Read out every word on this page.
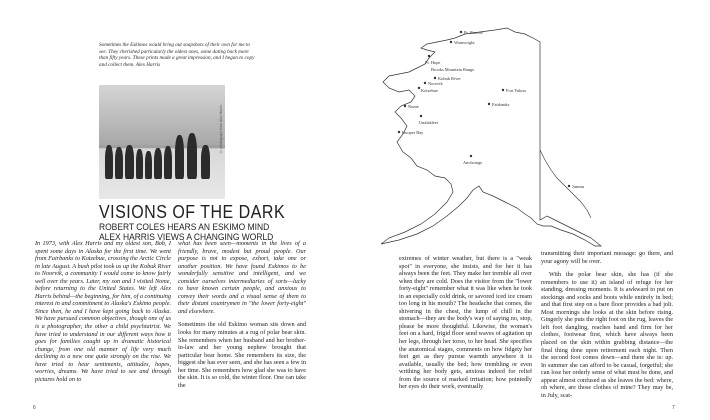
Sometimes the Eskimos would bring out snapshots of their own for me to see. They cherished particularly the oldest ones, some dating back more than fifty years. These prints made a great impression, and I began to copy and collect them. Alex Harris
© photograph from Alex Harris
VISIONS OF THE DARK
ROBERT COLES HEARS AN ESKIMO MIND
ALEX HARRIS VIEWS A CHANGING WORLD

In 1973, with Alex Harris and my oldest son, Bob, I spent some days in Alaska for the first time. We went from Fairbanks to Kotzebue, crossing the Arctic Circle in late August. A bush pilot took us up the Kobuk River to Noorvik, a community I would come to know fairly well over the years. Later, my son and I visited Nome, before returning to the United States. We left Alex Harris behind—the beginning, for him, of a continuing interest in and commitment to Alaska's Eskimo people. Since then, he and I have kept going back to Alaska. We have pursued common objectives, though one of us is a photographer, the other a child psychiatrist. We have tried to understand in our different ways how it goes for families caught up in dramatic historical change, from one old manner of life very much declining to a new one quite strongly on the rise. We have tried to hear sentiments, attitudes, hopes, worries, dreams. We have tried to see and through pictures hold on to

what has been seen—moments in the lives of a friendly, brave, modest but proud people. Our purpose is not to expose, exhort, take one or another position. We have found Eskimos to be wonderfully sensitive and intelligent, and we consider ourselves intermediaries of sorts—lucky to have known certain people, and anxious to convey their words and a visual sense of them to their distant countrymen in "the lower forty-eight" and elsewhere.

Sometimes the old Eskimo woman sits down and looks for many minutes at a rug of polar bear skin. She remembers when her husband and her brother-in-law and her young nephew brought that particular bear home. She remembers its size, the biggest she has ever seen, and she has seen a few in her time. She remembers how glad she was to have the skin. It is so cold, the winter floor. One can take the

extremes of winter weather, but there is a "weak spot" in everyone, she insists, and for her it has always been the feet. They make her tremble all over when they are cold. Does the visitor from the "lower forty-eight" remember what it was like when he took in an especially cold drink, or savored iced ice cream too long in his mouth? The headache that comes, the shivering in the chest, the lump of chill in the stomach—they are the body's way of saying no, stop, please be more thoughtful. Likewise, the woman's feet on a hard, frigid floor send waves of agitation up her legs, through her torso, to her head. She specifies the anatomical stages, comments on how fidgety her feet get as they pursue warmth anywhere it is available, usually the bed; how trembling or even writhing her body gets, anxious indeed for relief from the source of marked irritation; how pointedly her eyes do their work, eventually

transmitting their important message: go there, and your agony will be over.

With the polar bear skin, she has (if she remembers to use it) an island of refuge for her standing, dressing moments. It is awkward to put on stockings and socks and boots while entirely in bed; and that first step on a bare floor provides a bad jolt. Most mornings she looks at the skin before rising. Gingerly she puts the right foot on the rug, leaves the left foot dangling, reaches hand and firm for her clothes, footwear first, which have always been placed on the skin within grabbing distance—the final thing done upon retirement each night. Then the second foot comes down—and there she is: up. In summer she can afford to be casual, forgetful; she can lose her orderly sense of what must be done, and appear almost confused as she leaves the bed: where, oh where, are those clothes of mine? They may be, in July, scat-

Pt. Barrow
Wainwright
Pt. Hope
Brooks Mountain Range
Kobuk River
Noorvik
Kotzebue	Fort Yukon
Fairbanks
Nome
Unalakleet
Hooper Bay
Anchorage
Juneau
6	7
